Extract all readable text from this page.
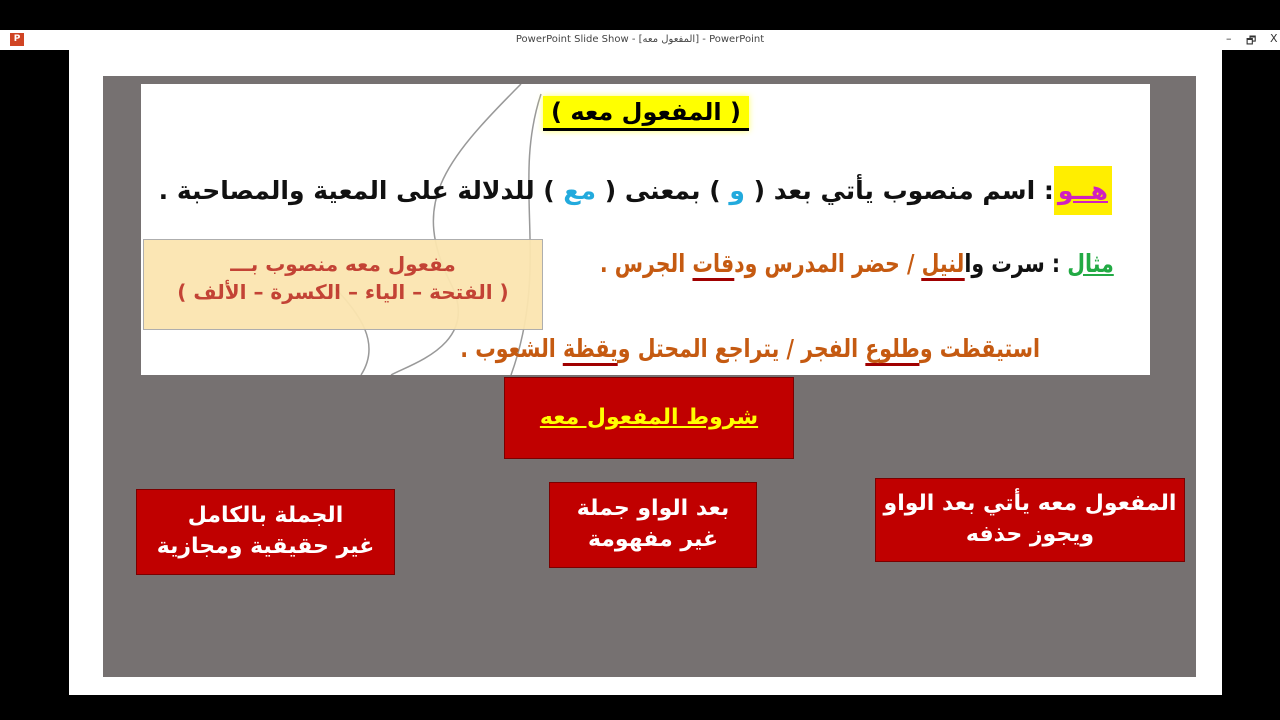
P	PowerPoint Slide Show - [المفعول معه] - PowerPoint	– 🗗 X
( المفعول معه )
هــو: اسم منصوب يأتي بعد ( و ) بمعنى ( مع ) للدلالة على المعية والمصاحبة .
مثال : سرت والنيل / حضر المدرس ودقات الجرس .
استيقظت وطلوع الفجر / يتراجع المحتل ويقظة الشعوب .
مفعول معه منصوب بـــ
( الفتحة – الياء – الكسرة – الألف )
شروط المفعول معه
المفعول معه يأتي بعد الواو
ويجوز حذفه
بعد الواو جملة
غير مفهومة
الجملة بالكامل
غير حقيقية ومجازية
